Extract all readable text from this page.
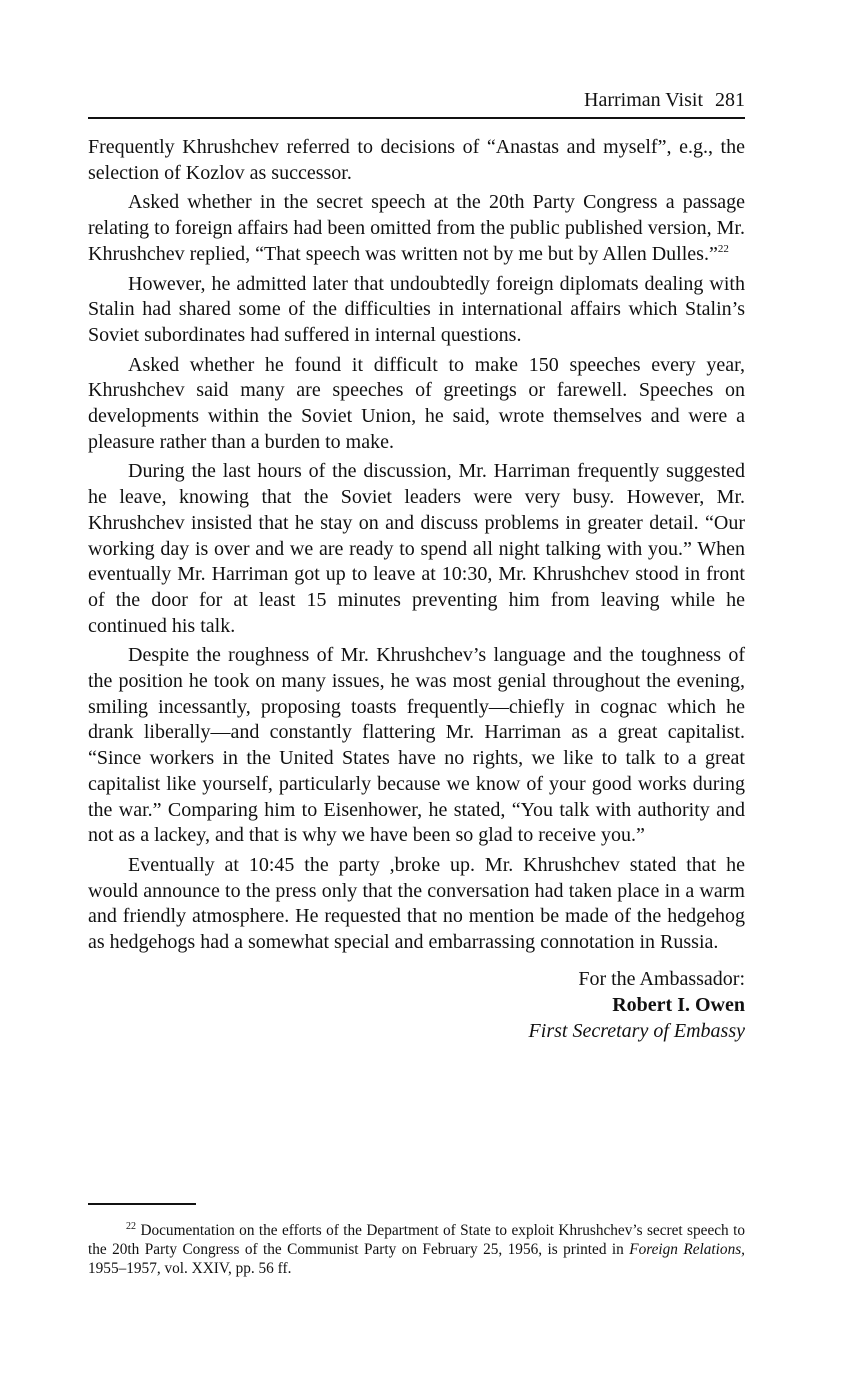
Harriman Visit 281

Frequently Khrushchev referred to decisions of “Anastas and myself”, e.g., the selection of Kozlov as successor.

Asked whether in the secret speech at the 20th Party Congress a passage relating to foreign affairs had been omitted from the public published version, Mr. Khrushchev replied, “That speech was written not by me but by Allen Dulles.”$^{22}$

However, he admitted later that undoubtedly foreign diplomats dealing with Stalin had shared some of the difficulties in international affairs which Stalin’s Soviet subordinates had suffered in internal questions.

Asked whether he found it difficult to make 150 speeches every year, Khrushchev said many are speeches of greetings or farewell. Speeches on developments within the Soviet Union, he said, wrote themselves and were a pleasure rather than a burden to make.

During the last hours of the discussion, Mr. Harriman frequently suggested he leave, knowing that the Soviet leaders were very busy. However, Mr. Khrushchev insisted that he stay on and discuss problems in greater detail. “Our working day is over and we are ready to spend all night talking with you.” When eventually Mr. Harriman got up to leave at 10:30, Mr. Khrushchev stood in front of the door for at least 15 minutes preventing him from leaving while he continued his talk.

Despite the roughness of Mr. Khrushchev’s language and the toughness of the position he took on many issues, he was most genial throughout the evening, smiling incessantly, proposing toasts frequently—chiefly in cognac which he drank liberally—and constantly flattering Mr. Harriman as a great capitalist. “Since workers in the United States have no rights, we like to talk to a great capitalist like yourself, particularly because we know of your good works during the war.” Comparing him to Eisenhower, he stated, “You talk with authority and not as a lackey, and that is why we have been so glad to receive you.”

Eventually at 10:45 the party ,broke up. Mr. Khrushchev stated that he would announce to the press only that the conversation had taken place in a warm and friendly atmosphere. He requested that no mention be made of the hedgehog as hedgehogs had a somewhat special and embarrassing connotation in Russia.

For the Ambassador:
Robert I. Owen
First Secretary of Embassy
$^{22}$ Documentation on the efforts of the Department of State to exploit Khrushchev’s secret speech to the 20th Party Congress of the Communist Party on February 25, 1956, is printed in Foreign Relations, 1955–1957, vol. XXIV, pp. 56 ff.
